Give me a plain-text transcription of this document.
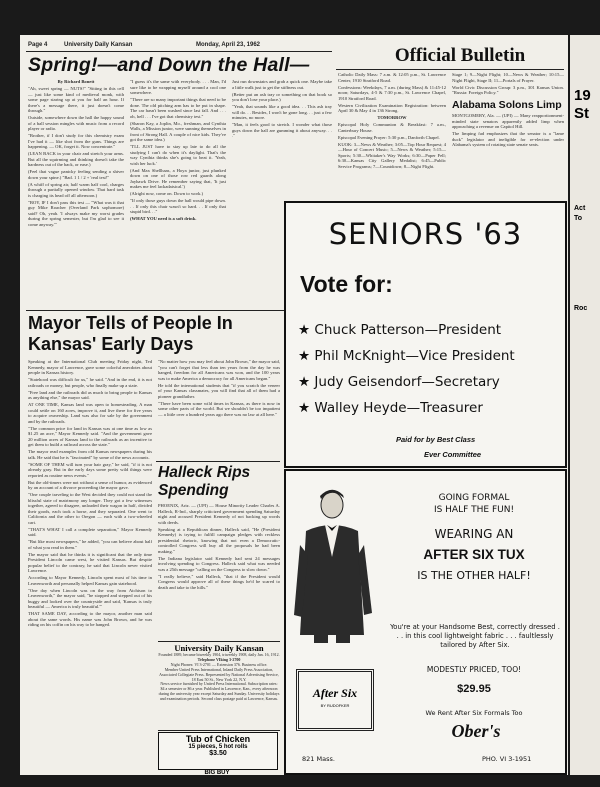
Page 4	University Daily Kansan	Monday, April 23, 1962
Spring!—and Down the Hall—

By Richard Bonett

"Ah, sweet spring — NUTS!" "Sitting in this cell — just like some kind of medieval monk, with some page staring up at you for half an hour. If there's a message there, it just doesn't come through."

Outside, somewhere down the hall the happy sound of a ball session mingles with music from a record player or radio.

"Brother, if I don't study for this chemistry exam I've had it — like shot from the guns. Things are happening. — OK, forget it. Now concentrate."

(LEAN BACK in your chair and stretch your arms. But all the squirming and thinking doesn't take the hardness out of the back, or ease.)

(Feel that vague panicky feeling sending a shiver down your spine.) "Bad. 1 1 / 2 + 'real test!"

(A whiff of spring air, half warm half cool, charges through a partially opened window. That hard task is charging its head off all afternoon.)

"BOY, IF I don't pass this test — "What was it that guy Mike Roacher (Overland Park sophomore) said? Oh, yeah. 'I always make my worst grades during the spring semester, but I'm glad to see it come anyway.'"

"I guess it's the same with everybody. . . . Man, I'd sure like to be wrapping myself around a cool one somewhere.

"There are so many important things that need to be done. The old pitching arm has to be put in shape. The car hasn't been washed since last fall. And . . . oh, hell . . . I've got that chemistry test."

(Sharon Kay, a Joplin, Mo., freshman, and Cynthia Walls, a Mission junior, were sunning themselves in front of Strong Hall. A couple of nice kids. They've got the same idea.)

"I'LL JUST have to stay up late to do all the studying I can't do when it's daylight. That's the way Cynthia thinks she's going to beat it. 'Yeah, wish her luck.'

(And Max Shellhaas, a Hoya junior, just plunked down on one of those row red guards along Jayhawk Drive. He remember saying that, 'It just makes me feel lackadaisical.')

(Alright now, come on. Down to work.)

"If only those guys down the hall would pipe down. . . If only this chair wasn't so hard. . . If only that stupid bird. . ."

(WHAT YOU need is a soft drink.

Just run downstairs and grab a quick one. Maybe take a little walk just to get the stiffness out.

(Better put an ash tray or something on that book so you don't lose your place.)

"Yeah, that sounds like a good idea. . . This ash tray will do. . . Besides, I won't be gone long. . . just a few minutes, no more.

"Man, it feels good to stretch. I wonder what those guys down the hall are gumming it about anyway. . . ."

Official Bulletin

Catholic Daily Mass: 7 a.m. & 12:05 p.m., St. Lawrence Center, 1910 Stratford Road.

Confessions: Weekdays, 7 a.m. (during Mass) & 11:45-12 noon; Saturdays, 4-5 & 7:30 p.m., St. Lawrence Chapel, 1910 Stratford Road.

Western Civilization Examination Registration: between April 30 & May 4 in 136 Strong.

TOMORROW

Episcopal Holy Communion & Breakfast: 7 a.m., Canterbury House.

Episcopal Evening Prayer: 5:30 p.m., Danforth Chapel.

KUOK: 3—News & Weather; 3:05—Top Hour Request; 4—Hour of Concert Music; 5—News & Weather; 5:15—Sports; 5:30—Whitaker's Way Works; 6:30—Paper Fell; 6:30—Kansas City Gallery Medalist; 6:45—Public Service Programs; 7—Countdown; 8—Night Flight.

Stage 1; 9—Night Flight; 10—News & Weather; 10:15—Night Flight, Stage II; 11—Portals of Prayer.

World Civic Discussion Group: 3 p.m., 301 Kansas Union. "Russia: Foreign Policy."

Alabama Solons Limp

MONTGOMERY, Ala. — (UPI) — Many reapportionment-minded state senators apparently added limp when approaching a revenue on Capitol Hill.

The limping fad emphasizes that the senator is a "lame duck" legislator and ineligible for re-election under Alabama's system of rotating state senate seats.

SENIORS '63
Vote for:

★ Chuck Patterson—President

★ Phil McKnight—Vice President

★ Judy Geisendorf—Secretary

★ Walley Heyde—Treasurer

Paid for by Best Class
Ever Committee
Mayor Tells of People In Kansas' Early Days

Speaking at the International Club meeting Friday night, Ted Kennedy, mayor of Lawrence, gave some colorful anecdotes about people in Kansas history.

"Statehood was difficult for us," he said. "And in the end, it is not railroads or money, but people, who finally make up a state.

"Free land and the railroads did as much to bring people to Kansas as anything else," the mayor said.

AT ONE TIME, Kansas land was open to homesteading. A man could settle on 160 acres, improve it, and live there for five years to acquire ownership. Land was also for sale by the government and by the railroads.

"The common price for land in Kansas was at one time as low as $1.25 an acre," Mayor Kennedy said. "And the government gave 20 million acres of Kansas land to the railroads as an incentive to get them to build a railroad across the state."

The mayor read examples from old Kansas newspapers during his talk. He said that he is "fascinated" by some of the news accounts.

"SOME OF THEM will turn your hair gray," he said, "if it is not already gray. But in the early days some pretty wild things were reported as routine news events."

But the old-timers were not without a sense of humor, as evidenced by an account of a divorce proceeding the mayor gave.

"One couple traveling to the West decided they could not stand the blissful state of matrimony any longer. They got a few witnesses together, agreed to disagree, unloaded their wagon in half, divided their goods, each took a horse, and they separated. One went to California and the other to Oregon — each with a two-wheeled cart.

"THAT'S WHAT I call a complete separation," Mayor Kennedy said.

"But like most newspapers," he added, "you can believe about half of what you read in them."

The mayor said that he thinks it is significant that the only time President Lincoln came west, he visited Kansas. But despite popular belief to the contrary, he said that Lincoln never visited Lawrence.

According to Mayor Kennedy, Lincoln spent most of his time in Leavenworth and personally helped Kansas gain statehood.

"One day when Lincoln was on the way from Atchison to Leavenworth," the mayor said, "he stopped and stepped out of his buggy and looked over the countryside and said, 'Kansas is truly beautiful — America is truly beautiful.'"

THAT SAME DAY, according to the mayor, another man said about the same words. His name was John Brown, and he was riding on his coffin on his way to be hanged.

"No matter how you may feel about John Brown," the mayor said, "you can't forget that less than ten years from the day he was hanged, freedom for all Americans was won, and the 100 years was to make America a democracy for all Americans began."

He told the international students that "if you scratch the veneer of your Kansas classmates, you will find that all of them had a pioneer grandfather.

"There have been some wild times in Kansas, as there is now in some other parts of the world. But we shouldn't be too impatient — a little over a hundred years ago there was no law at all here."

Halleck Rips Spending

PHOENIX, Ariz. — (UPI) — House Minority Leader Charles A. Halleck, R-Ind., sharply criticized government spending Saturday night and accused President Kennedy of not backing up words with deeds.

Speaking at a Republican dinner, Halleck said, "He (President Kennedy) is trying to fulfill campaign pledges with reckless presidential rhetoric, knowing that not even a Democratic-controlled Congress will buy all the proposals he had been making."

The Indiana legislator said Kennedy had sent 24 messages involving spending to Congress. Halleck said what was needed was a 25th message "calling on the Congress to slow down."

"I really believe," said Halleck, "that if the President would Congress would approve all of these things he'd be scared to death and take to the hills."

University Daily Kansan
Founded 1889, became biweekly 1904, triweekly 1908, daily Jan. 16, 1912.
Telephone VIking 3-2700
Night Phones: VI 3-2701 — Extension 376. Business office.
Member United Press International, Inland Daily Press Association, Associated Collegiate Press. Represented by National Advertising Service, 18 East 50 St., New York 22, N.Y.
News service furnished by United Press International. Subscription rates: $4 a semester or $6 a year. Published in Lawrence, Kan., every afternoon during the university year except Saturday and Sunday. University holidays and examination periods. Second class postage paid at Lawrence, Kansas.
Tub of Chicken
15 pieces, 5 hot rolls
$3.50
BIG BUY
GOING FORMAL
IS HALF THE FUN!
WEARING AN
AFTER SIX TUX
IS THE OTHER HALF!
You're at your Handsome Best, correctly dressed . . . in this cool lightweight fabric . . . faultlessly tailored by After Six.
MODESTLY PRICED, TOO!
$29.95
We Rent After Six Formals Too
After Six
BY RUDOFKER
Ober's
821 Mass.	PHO. VI 3-1951
19
St
Act
To
Roc
